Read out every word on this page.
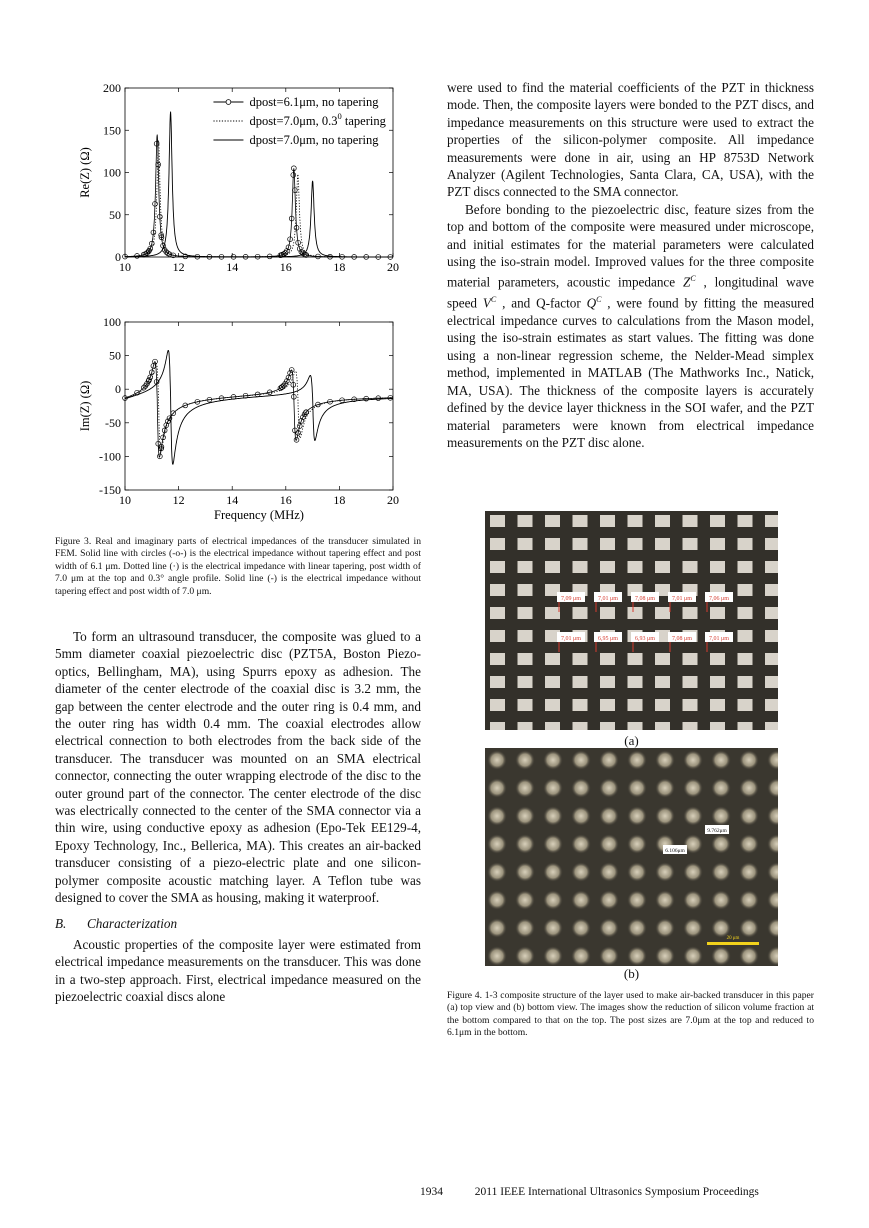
10	12	14	16	18	20
0
50
100
150
200
Re(Z) (Ω)
dpost=6.1μm, no tapering
dpost=7.0μm, $0.3^0$ tapering
dpost=7.0μm, no tapering
10	12	14	16	18	20
100
50
0
-50
-100
-150
Im(Z) (Ω)
Frequency (MHz)
Figure 3. Real and imaginary parts of electrical impedances of the transducer simulated in FEM. Solid line with circles (-o-) is the electrical impedance without tapering effect and post width of 6.1 μm. Dotted line (·) is the electrical impedance with linear tapering, post width of 7.0 μm at the top and 0.3° angle profile. Solid line (-) is the electrical impedance without tapering effect and post width of 7.0 μm.

To form an ultrasound transducer, the composite was glued to a 5mm diameter coaxial piezoelectric disc (PZT5A, Boston Piezo-optics, Bellingham, MA), using Spurrs epoxy as adhesion. The diameter of the center electrode of the coaxial disc is 3.2 mm, the gap between the center electrode and the outer ring is 0.4 mm, and the outer ring has width 0.4 mm. The coaxial electrodes allow electrical connection to both electrodes from the back side of the transducer. The transducer was mounted on an SMA electrical connector, connecting the outer wrapping electrode of the disc to the outer ground part of the connector. The center electrode of the disc was electrically connected to the center of the SMA connector via a thin wire, using conductive epoxy as adhesion (Epo-Tek EE129-4, Epoxy Technology, Inc., Bellerica, MA). This creates an air-backed transducer consisting of a piezo-electric plate and one silicon-polymer composite acoustic matching layer. A Teflon tube was designed to cover the SMA as housing, making it waterproof.

B. Characterization

Acoustic properties of the composite layer were estimated from electrical impedance measurements on the transducer. This was done in a two-step approach. First, electrical impedance measured on the piezoelectric coaxial discs alone

were used to find the material coefficients of the PZT in thickness mode. Then, the composite layers were bonded to the PZT discs, and impedance measurements on this structure were used to extract the properties of the silicon-polymer composite. All impedance measurements were done in air, using an HP 8753D Network Analyzer (Agilent Technologies, Santa Clara, CA, USA), with the PZT discs connected to the SMA connector.

Before bonding to the piezoelectric disc, feature sizes from the top and bottom of the composite were measured under microscope, and initial estimates for the material parameters were calculated using the iso-strain model. Improved values for the three composite material parameters, acoustic impedance $Z^C$ , longitudinal wave speed $V^C$ , and Q-factor $Q^C$ , were found by fitting the measured electrical impedance curves to calculations from the Mason model, using the iso-strain estimates as start values. The fitting was done using a non-linear regression scheme, the Nelder-Mead simplex method, implemented in MATLAB (The Mathworks Inc., Natick, MA, USA). The thickness of the composite layers is accurately defined by the device layer thickness in the SOI wafer, and the PZT material parameters were known from electrical impedance measurements on the PZT disc alone.

7,09 μm	7,01 μm	7,08 μm	7,01 μm	7,06 μm
7,01 μm	6,95 μm	6,93 μm	7,08 μm	7,01 μm
(a)
9.762μm
6.106μm
20 μm
(b)
Figure 4. 1-3 composite structure of the layer used to make air-backed transducer in this paper (a) top view and (b) bottom view. The images show the reduction of silicon volume fraction at the bottom compared to that on the top. The post sizes are 7.0μm at the top and reduced to 6.1μm in the bottom.
1934	2011 IEEE International Ultrasonics Symposium Proceedings
